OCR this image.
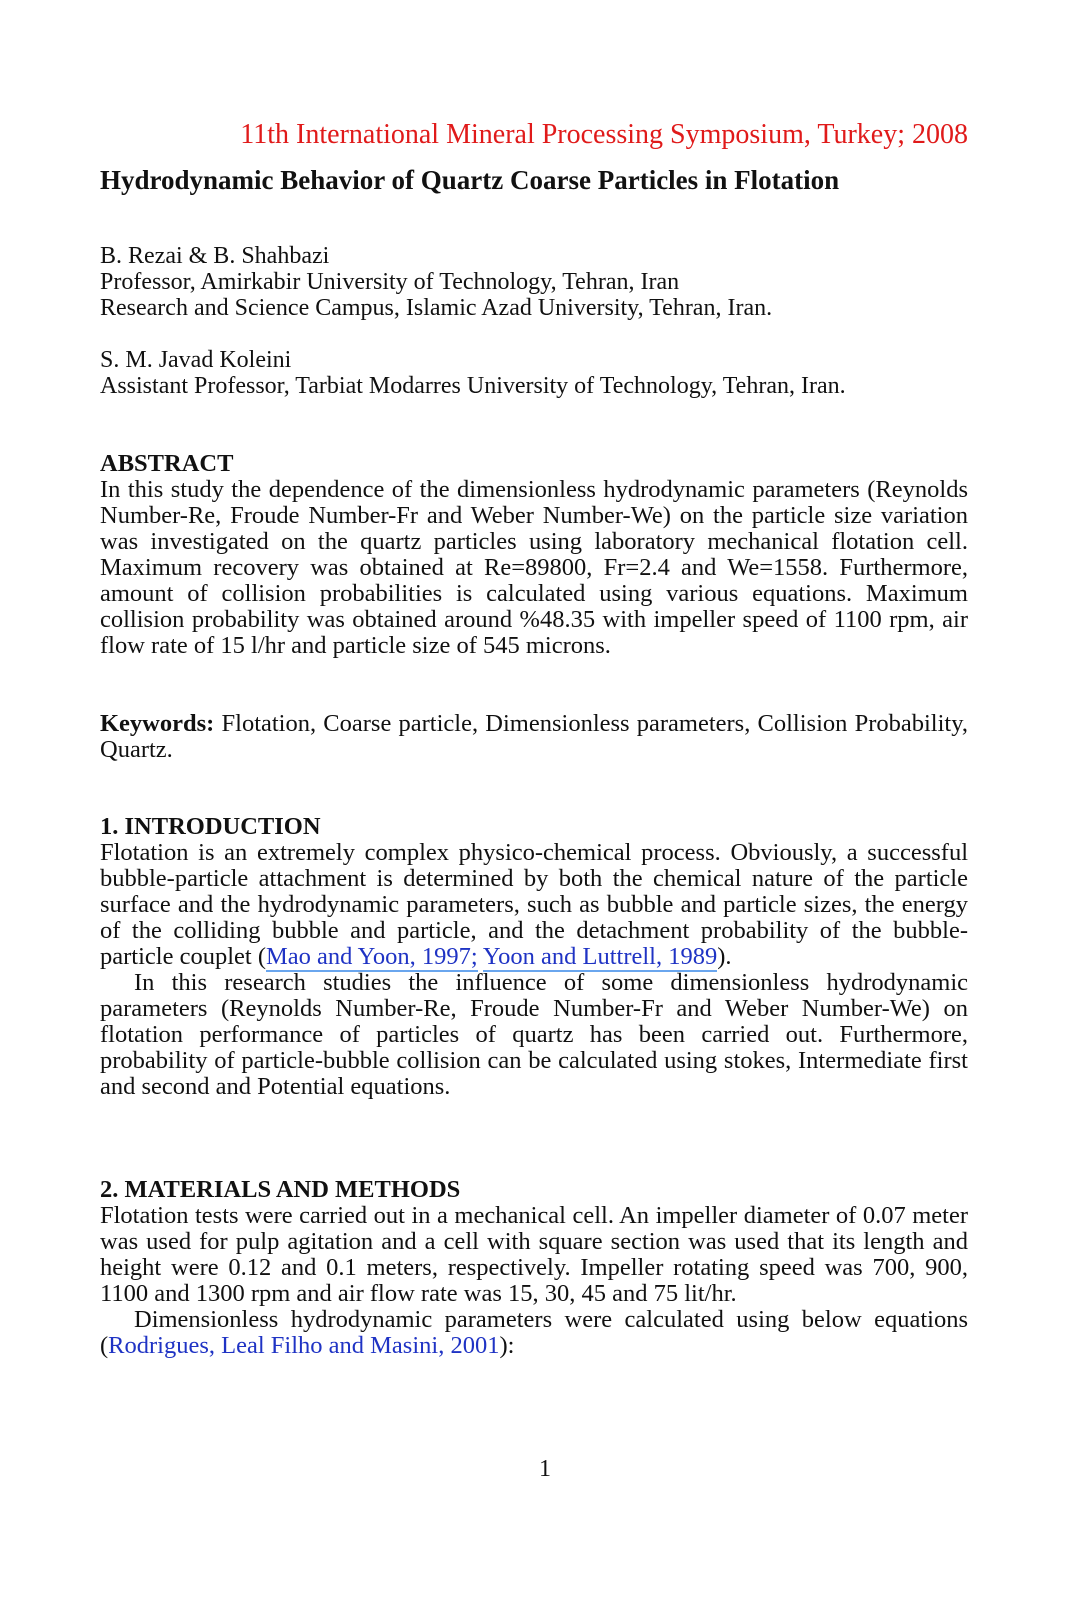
11th International Mineral Processing Symposium, Turkey; 2008
Hydrodynamic Behavior of Quartz Coarse Particles in Flotation
B. Rezai & B. Shahbazi
Professor, Amirkabir University of Technology, Tehran, Iran
Research and Science Campus, Islamic Azad University, Tehran, Iran.
S. M. Javad Koleini
Assistant Professor, Tarbiat Modarres University of Technology, Tehran, Iran.
ABSTRACT

In this study the dependence of the dimensionless hydrodynamic parameters (Reynolds Number-Re, Froude Number-Fr and Weber Number-We) on the particle size variation was investigated on the quartz particles using laboratory mechanical flotation cell. Maximum recovery was obtained at Re=89800, Fr=2.4 and We=1558. Furthermore, amount of collision probabilities is calculated using various equations. Maximum collision probability was obtained around %48.35 with impeller speed of 1100 rpm, air flow rate of 15 l/hr and particle size of 545 microns.

Keywords: Flotation, Coarse particle, Dimensionless parameters, Collision Probability, Quartz.

1. INTRODUCTION

Flotation is an extremely complex physico-chemical process. Obviously, a successful bubble-particle attachment is determined by both the chemical nature of the particle surface and the hydrodynamic parameters, such as bubble and particle sizes, the energy of the colliding bubble and particle, and the detachment probability of the bubble-particle couplet (Mao and Yoon, 1997; Yoon and Luttrell, 1989).

In this research studies the influence of some dimensionless hydrodynamic parameters (Reynolds Number-Re, Froude Number-Fr and Weber Number-We) on flotation performance of particles of quartz has been carried out. Furthermore, probability of particle-bubble collision can be calculated using stokes, Intermediate first and second and Potential equations.

2. MATERIALS AND METHODS

Flotation tests were carried out in a mechanical cell. An impeller diameter of 0.07 meter was used for pulp agitation and a cell with square section was used that its length and height were 0.12 and 0.1 meters, respectively. Impeller rotating speed was 700, 900, 1100 and 1300 rpm and air flow rate was 15, 30, 45 and 75 lit/hr.

Dimensionless hydrodynamic parameters were calculated using below equations (Rodrigues, Leal Filho and Masini, 2001):

1
